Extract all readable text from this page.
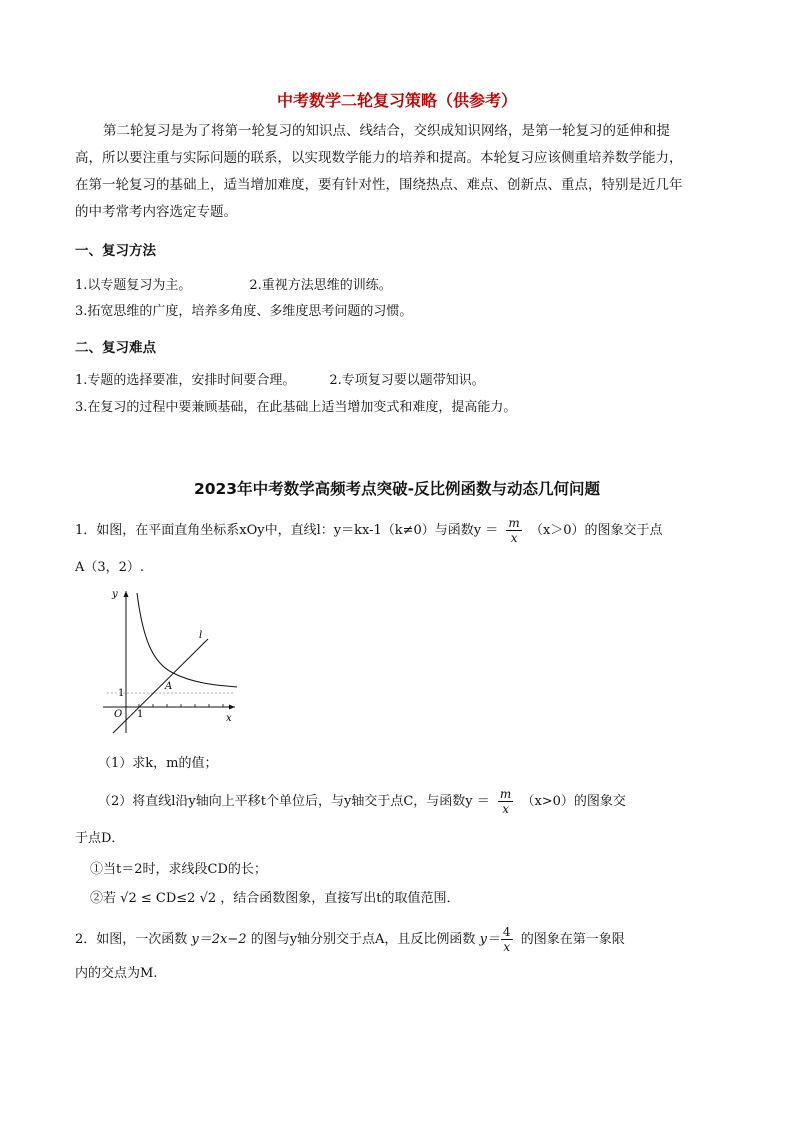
中考数学二轮复习策略（供参考）

第二轮复习是为了将第一轮复习的知识点、线结合，交织成知识网络，是第一轮复习的延伸和提

高，所以要注重与实际问题的联系，以实现数学能力的培养和提高。本轮复习应该侧重培养数学能力，

在第一轮复习的基础上，适当增加难度，要有针对性，围绕热点、难点、创新点、重点，特别是近几年

的中考常考内容选定专题。

一、复习方法
1.以专题复习为主。	2.重视方法思维的训练。
3.拓宽思维的广度，培养多角度、多维度思考问题的习惯。
二、复习难点
1.专题的选择要准，安排时间要合理。	2.专项复习要以题带知识。
3.在复习的过程中要兼顾基础，在此基础上适当增加变式和难度，提高能力。
2023年中考数学高频考点突破-反比例函数与动态几何问题
1．如图，在平面直角坐标系xOy中，直线l：y＝kx-1（k≠0）与函数$y = \frac{m}{x} (x>0)$的图象交于点
A（3，2）.
y
x
l
A
O
1
1
（1）求k，m的值；
（2）将直线l沿y轴向上平移t个单位后，与y轴交于点C，与函数$y = \frac{m}{x} (x>0)$的图象交
于点D．
①当t＝2时，求线段CD的长；
②若 √2 ≤ CD≤2 √2 ，结合函数图象，直接写出t的取值范围．
2．如图，一次函数 y＝2x−2 的图与y轴分别交于点A，且反比例函数 $y= \frac{4}{x}$ 的图象在第一象限
内的交点为M.
